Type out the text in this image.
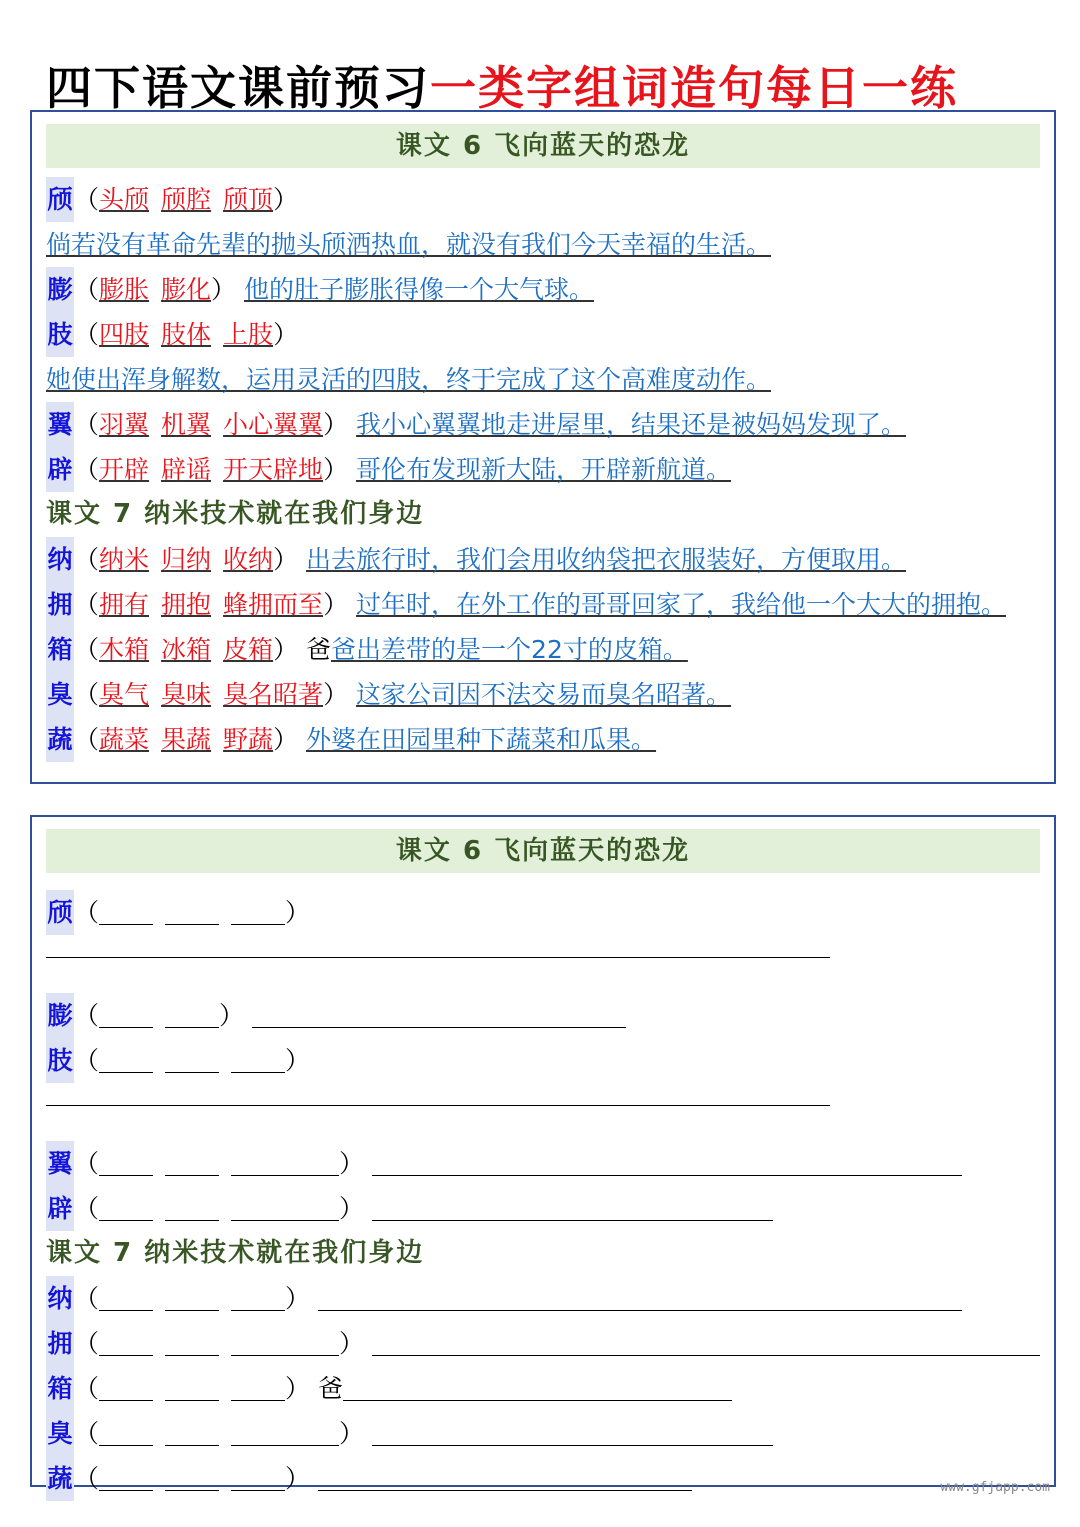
四下语文课前预习一类字组词造句每日一练
课文 6 飞向蓝天的恐龙
颀（头颀 颀腔 颀顶）
倘若没有革命先辈的抛头颀洒热血，就没有我们今天幸福的生活。
膨（膨胀 膨化） 他的肚子膨胀得像一个大气球。
肢（四肢 肢体 上肢）
她使出浑身解数，运用灵活的四肢，终于完成了这个高难度动作。
翼（羽翼 机翼 小心翼翼） 我小心翼翼地走进屋里，结果还是被妈妈发现了。
辟（开辟 辟谣 开天辟地） 哥伦布发现新大陆，开辟新航道。
课文 7 纳米技术就在我们身边
纳（纳米 归纳 收纳） 出去旅行时，我们会用收纳袋把衣服装好，方便取用。
拥（拥有 拥抱 蜂拥而至） 过年时，在外工作的哥哥回家了，我给他一个大大的拥抱。
箱（木箱 冰箱 皮箱） 爸爸出差带的是一个22寸的皮箱。
臭（臭气 臭味 臭名昭著） 这家公司因不法交易而臭名昭著。
蔬（蔬菜 果蔬 野蔬） 外婆在田园里种下蔬菜和瓜果。
课文 6 飞向蓝天的恐龙
颀（	）
膨（	）
肢（	）
翼（	）
辟（	）
课文 7 纳米技术就在我们身边
纳（	）
拥（	）
箱（	） 爸
臭（	）
蔬（	）	www.gfjapp.com
